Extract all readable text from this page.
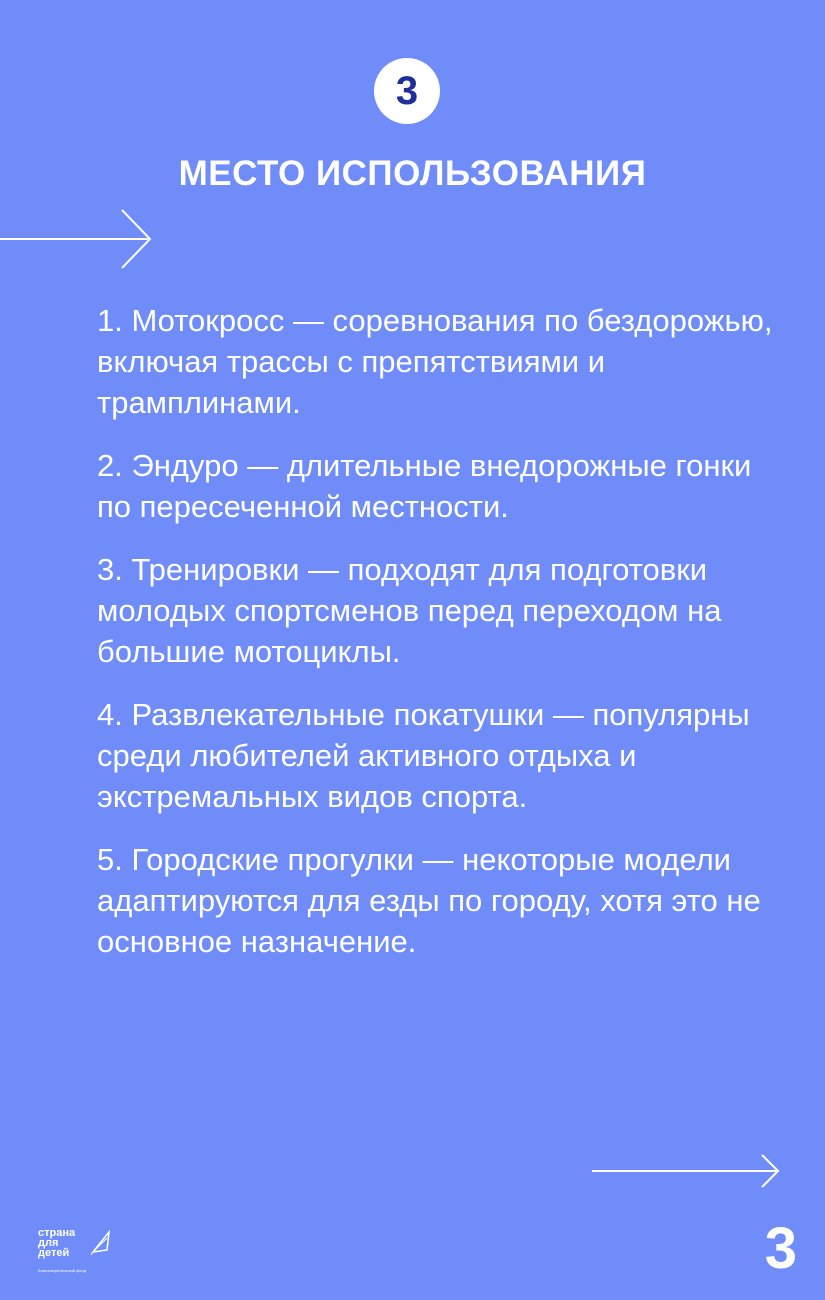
3
МЕСТО ИСПОЛЬЗОВАНИЯ
1. Мотокросс — соревнования по бездорожью, включая трассы с препятствиями и трамплинами.
2. Эндуро — длительные внедорожные гонки по пересеченной местности.
3. Тренировки — подходят для подготовки молодых спортсменов перед переходом на большие мотоциклы.
4. Развлекательные покатушки — популярны среди любителей активного отдыха и экстремальных видов спорта.
5. Городские прогулки — некоторые модели адаптируются для езды по городу, хотя это не основное назначение.
страна
для
детей
Благотворительный фонд	3
